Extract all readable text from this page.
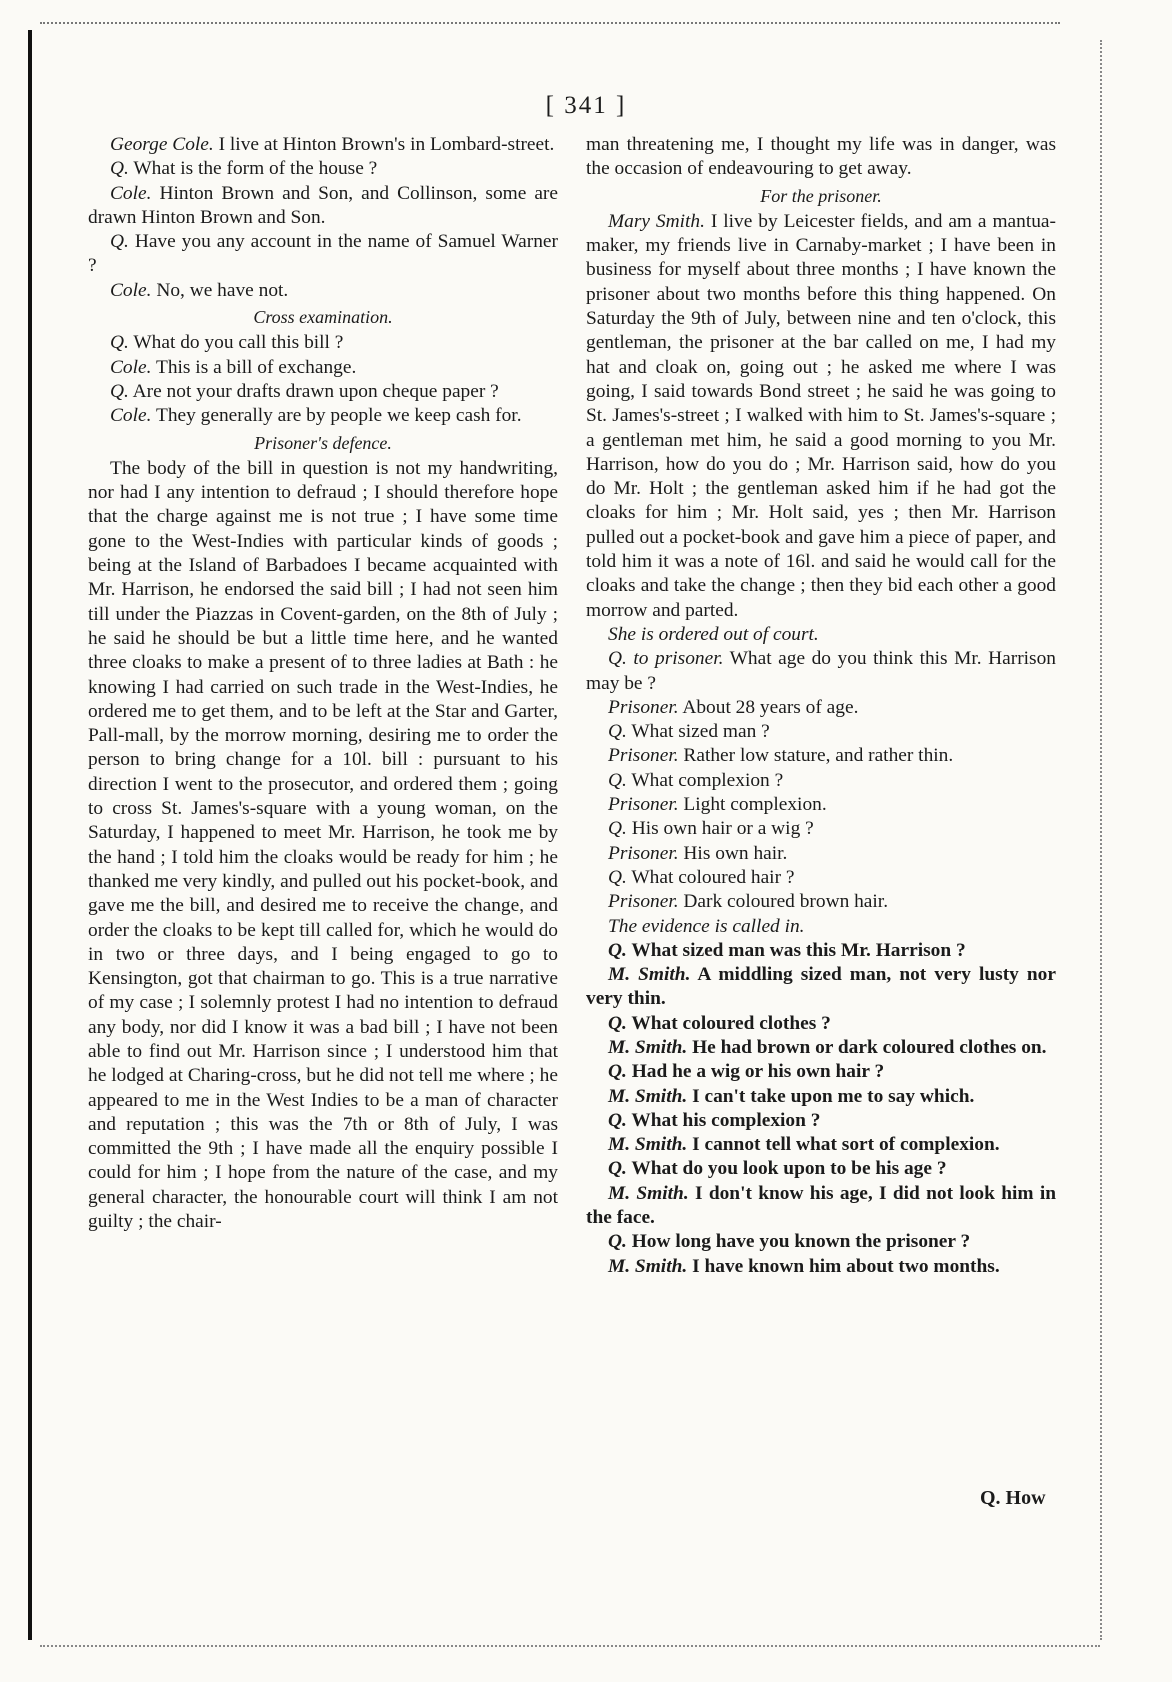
[ 341 ]

George Cole. I live at Hinton Brown's in Lombard-street.

Q. What is the form of the house ?

Cole. Hinton Brown and Son, and Collinson, some are drawn Hinton Brown and Son.

Q. Have you any account in the name of Samuel Warner ?

Cole. No, we have not.

Cross examination.

Q. What do you call this bill ?

Cole. This is a bill of exchange.

Q. Are not your drafts drawn upon cheque paper ?

Cole. They generally are by people we keep cash for.

Prisoner's defence.

The body of the bill in question is not my handwriting, nor had I any intention to defraud ; I should therefore hope that the charge against me is not true ; I have some time gone to the West-Indies with particular kinds of goods ; being at the Island of Barbadoes I became acquainted with Mr. Harrison, he endorsed the said bill ; I had not seen him till under the Piazzas in Covent-garden, on the 8th of July ; he said he should be but a little time here, and he wanted three cloaks to make a present of to three ladies at Bath : he knowing I had carried on such trade in the West-Indies, he ordered me to get them, and to be left at the Star and Garter, Pall-mall, by the morrow morning, desiring me to order the person to bring change for a 10l. bill : pursuant to his direction I went to the prosecutor, and ordered them ; going to cross St. James's-square with a young woman, on the Saturday, I happened to meet Mr. Harrison, he took me by the hand ; I told him the cloaks would be ready for him ; he thanked me very kindly, and pulled out his pocket-book, and gave me the bill, and desired me to receive the change, and order the cloaks to be kept till called for, which he would do in two or three days, and I being engaged to go to Kensington, got that chairman to go. This is a true narrative of my case ; I solemnly protest I had no intention to defraud any body, nor did I know it was a bad bill ; I have not been able to find out Mr. Harrison since ; I understood him that he lodged at Charing-cross, but he did not tell me where ; he appeared to me in the West Indies to be a man of character and reputation ; this was the 7th or 8th of July, I was committed the 9th ; I have made all the enquiry possible I could for him ; I hope from the nature of the case, and my general character, the honourable court will think I am not guilty ; the chair-

man threatening me, I thought my life was in danger, was the occasion of endeavouring to get away.

For the prisoner.

Mary Smith. I live by Leicester fields, and am a mantua-maker, my friends live in Carnaby-market ; I have been in business for myself about three months ; I have known the prisoner about two months before this thing happened. On Saturday the 9th of July, between nine and ten o'clock, this gentleman, the prisoner at the bar called on me, I had my hat and cloak on, going out ; he asked me where I was going, I said towards Bond street ; he said he was going to St. James's-street ; I walked with him to St. James's-square ; a gentleman met him, he said a good morning to you Mr. Harrison, how do you do ; Mr. Harrison said, how do you do Mr. Holt ; the gentleman asked him if he had got the cloaks for him ; Mr. Holt said, yes ; then Mr. Harrison pulled out a pocket-book and gave him a piece of paper, and told him it was a note of 16l. and said he would call for the cloaks and take the change ; then they bid each other a good morrow and parted.

She is ordered out of court.

Q. to prisoner. What age do you think this Mr. Harrison may be ?

Prisoner. About 28 years of age.

Q. What sized man ?

Prisoner. Rather low stature, and rather thin.

Q. What complexion ?

Prisoner. Light complexion.

Q. His own hair or a wig ?

Prisoner. His own hair.

Q. What coloured hair ?

Prisoner. Dark coloured brown hair.

The evidence is called in.

Q. What sized man was this Mr. Harrison ?

M. Smith. A middling sized man, not very lusty nor very thin.

Q. What coloured clothes ?

M. Smith. He had brown or dark coloured clothes on.

Q. Had he a wig or his own hair ?

M. Smith. I can't take upon me to say which.

Q. What his complexion ?

M. Smith. I cannot tell what sort of complexion.

Q. What do you look upon to be his age ?

M. Smith. I don't know his age, I did not look him in the face.

Q. How long have you known the prisoner ?

M. Smith. I have known him about two months.

Q. How
